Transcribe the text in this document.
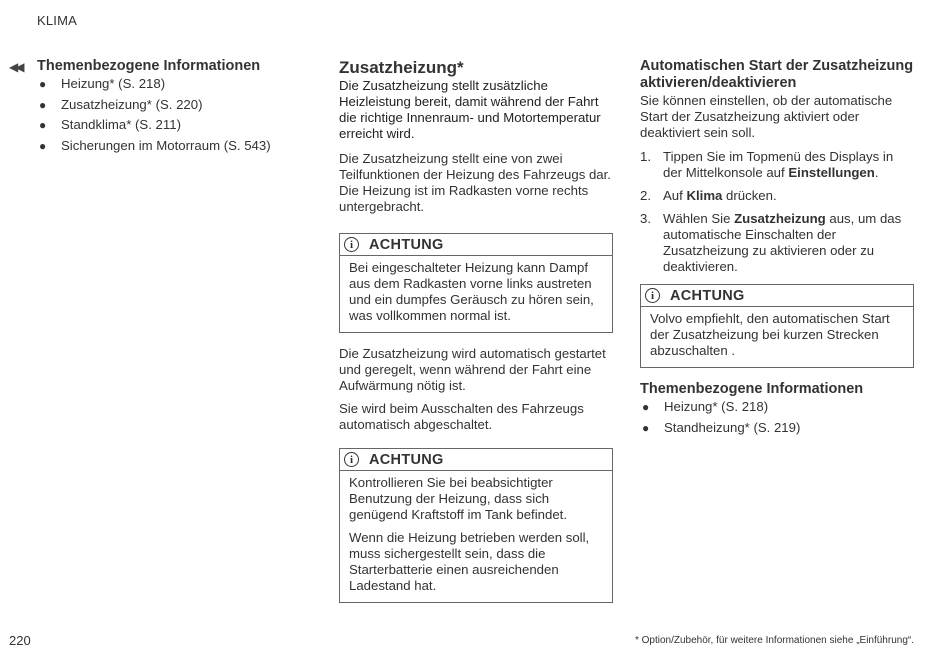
KLIMA
◀◀ Themenbezogene Informationen
● Heizung* (S. 218)
● Zusatzheizung* (S. 220)
● Standklima* (S. 211)
● Sicherungen im Motorraum (S. 543)
Zusatzheizung*

Die Zusatzheizung stellt zusätzliche Heizleistung bereit, damit während der Fahrt die richtige Innenraum- und Motortemperatur erreicht wird.

Die Zusatzheizung stellt eine von zwei Teilfunktionen der Heizung des Fahrzeugs dar. Die Heizung ist im Radkasten vorne rechts untergebracht.

i	ACHTUNG

Bei eingeschalteter Heizung kann Dampf aus dem Radkasten vorne links austreten und ein dumpfes Geräusch zu hören sein, was vollkommen normal ist.

Die Zusatzheizung wird automatisch gestartet und geregelt, wenn während der Fahrt eine Aufwärmung nötig ist.

Sie wird beim Ausschalten des Fahrzeugs automatisch abgeschaltet.

i	ACHTUNG

Kontrollieren Sie bei beabsichtigter Benutzung der Heizung, dass sich genügend Kraftstoff im Tank befindet.

Wenn die Heizung betrieben werden soll, muss sichergestellt sein, dass die Starterbatterie einen ausreichenden Ladestand hat.

Automatischen Start der Zusatzheizung aktivieren/deaktivieren

Sie können einstellen, ob der automatische Start der Zusatzheizung aktiviert oder deaktiviert sein soll.

1. Tippen Sie im Topmenü des Displays in der Mittelkonsole auf Einstellungen.
2. Auf Klima drücken.
3. Wählen Sie Zusatzheizung aus, um das automatische Einschalten der Zusatzheizung zu aktivieren oder zu deaktivieren.
i	ACHTUNG

Volvo empfiehlt, den automatischen Start der Zusatzheizung bei kurzen Strecken abzuschalten .

Themenbezogene Informationen
● Heizung* (S. 218)
● Standheizung* (S. 219)
220	* Option/Zubehör, für weitere Informationen siehe „Einführung“.
